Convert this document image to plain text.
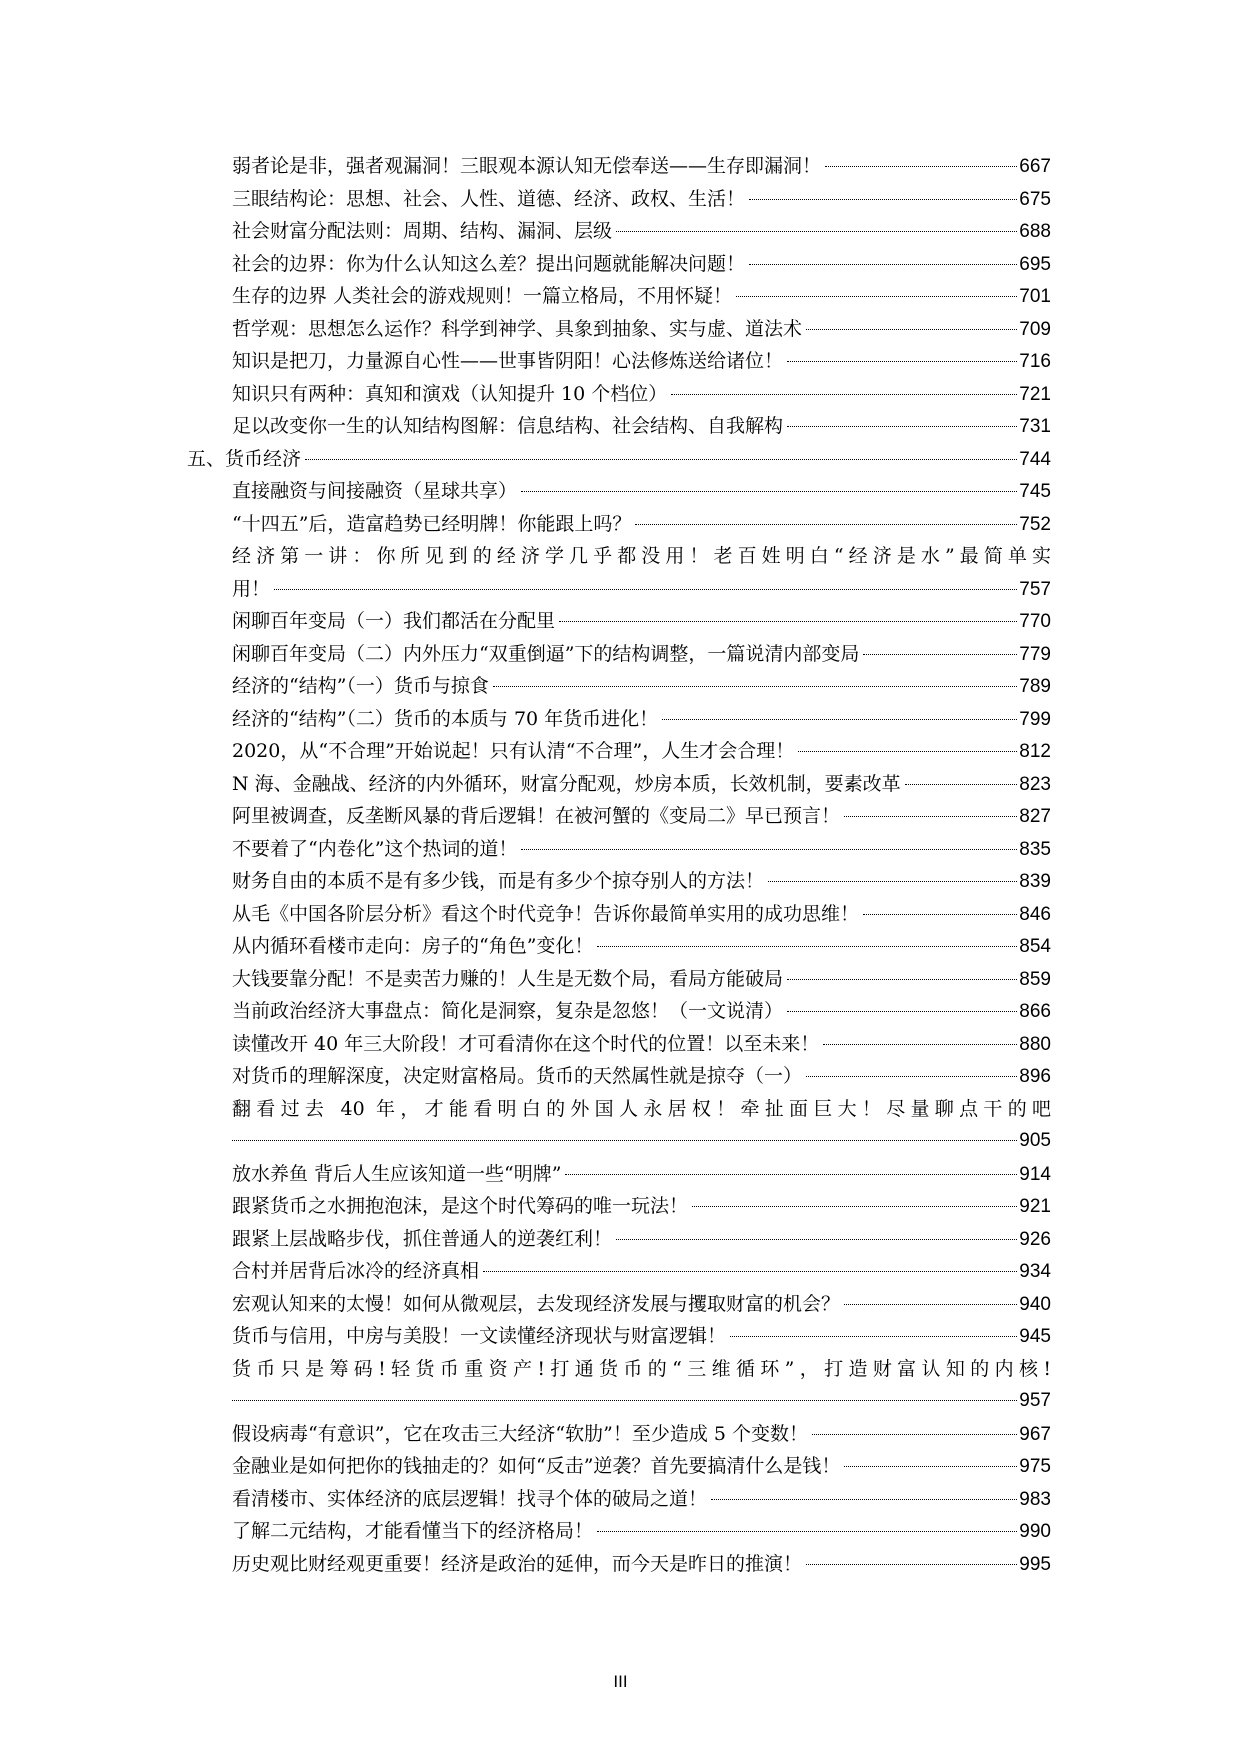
弱者论是非，强者观漏洞！三眼观本源认知无偿奉送——生存即漏洞！	667
三眼结构论：思想、社会、人性、道德、经济、政权、生活！	675
社会财富分配法则：周期、结构、漏洞、层级	688
社会的边界：你为什么认知这么差？提出问题就能解决问题！	695
生存的边界 人类社会的游戏规则！一篇立格局，不用怀疑！	701
哲学观：思想怎么运作？科学到神学、具象到抽象、实与虚、道法术	709
知识是把刀，力量源自心性——世事皆阴阳！心法修炼送给诸位！	716
知识只有两种：真知和演戏（认知提升 10 个档位）	721
足以改变你一生的认知结构图解：信息结构、社会结构、自我解构	731
五、货币经济	744
直接融资与间接融资（星球共享）	745
“十四五”后，造富趋势已经明牌！你能跟上吗？	752
经济第一讲：你所见到的经济学几乎都没用！老百姓明白“经济是水”最简单实
用！	757
闲聊百年变局（一）我们都活在分配里	770
闲聊百年变局（二）内外压力“双重倒逼”下的结构调整，一篇说清内部变局	779
经济的“结构”（一）货币与掠食	789
经济的“结构”（二）货币的本质与 70 年货币进化！	799
2020，从“不合理”开始说起！只有认清“不合理”，人生才会合理！	812
N 海、金融战、经济的内外循环，财富分配观，炒房本质，长效机制，要素改革	823
阿里被调查，反垄断风暴的背后逻辑！在被河蟹的《变局二》早已预言！	827
不要着了“内卷化”这个热词的道！	835
财务自由的本质不是有多少钱，而是有多少个掠夺别人的方法！	839
从毛《中国各阶层分析》看这个时代竞争！告诉你最简单实用的成功思维！	846
从内循环看楼市走向：房子的“角色”变化！	854
大钱要靠分配！不是卖苦力赚的！人生是无数个局，看局方能破局	859
当前政治经济大事盘点：简化是洞察，复杂是忽悠！（一文说清）	866
读懂改开 40 年三大阶段！才可看清你在这个时代的位置！以至未来！	880
对货币的理解深度，决定财富格局。货币的天然属性就是掠夺（一）	896
翻看过去 40 年，才能看明白的外国人永居权！牵扯面巨大！尽量聊点干的吧
905
放水养鱼 背后人生应该知道一些“明牌”	914
跟紧货币之水拥抱泡沫，是这个时代筹码的唯一玩法！	921
跟紧上层战略步伐，抓住普通人的逆袭红利！	926
合村并居背后冰冷的经济真相	934
宏观认知来的太慢！如何从微观层，去发现经济发展与攫取财富的机会？	940
货币与信用，中房与美股！一文读懂经济现状与财富逻辑！	945
货币只是筹码!轻货币重资产!打通货币的“三维循环”，打造财富认知的内核!
957
假设病毒“有意识”，它在攻击三大经济“软肋”！至少造成 5 个变数！	967
金融业是如何把你的钱抽走的？如何“反击”逆袭？首先要搞清什么是钱！	975
看清楼市、实体经济的底层逻辑！找寻个体的破局之道！	983
了解二元结构，才能看懂当下的经济格局！	990
历史观比财经观更重要！经济是政治的延伸，而今天是昨日的推演！	995
III
